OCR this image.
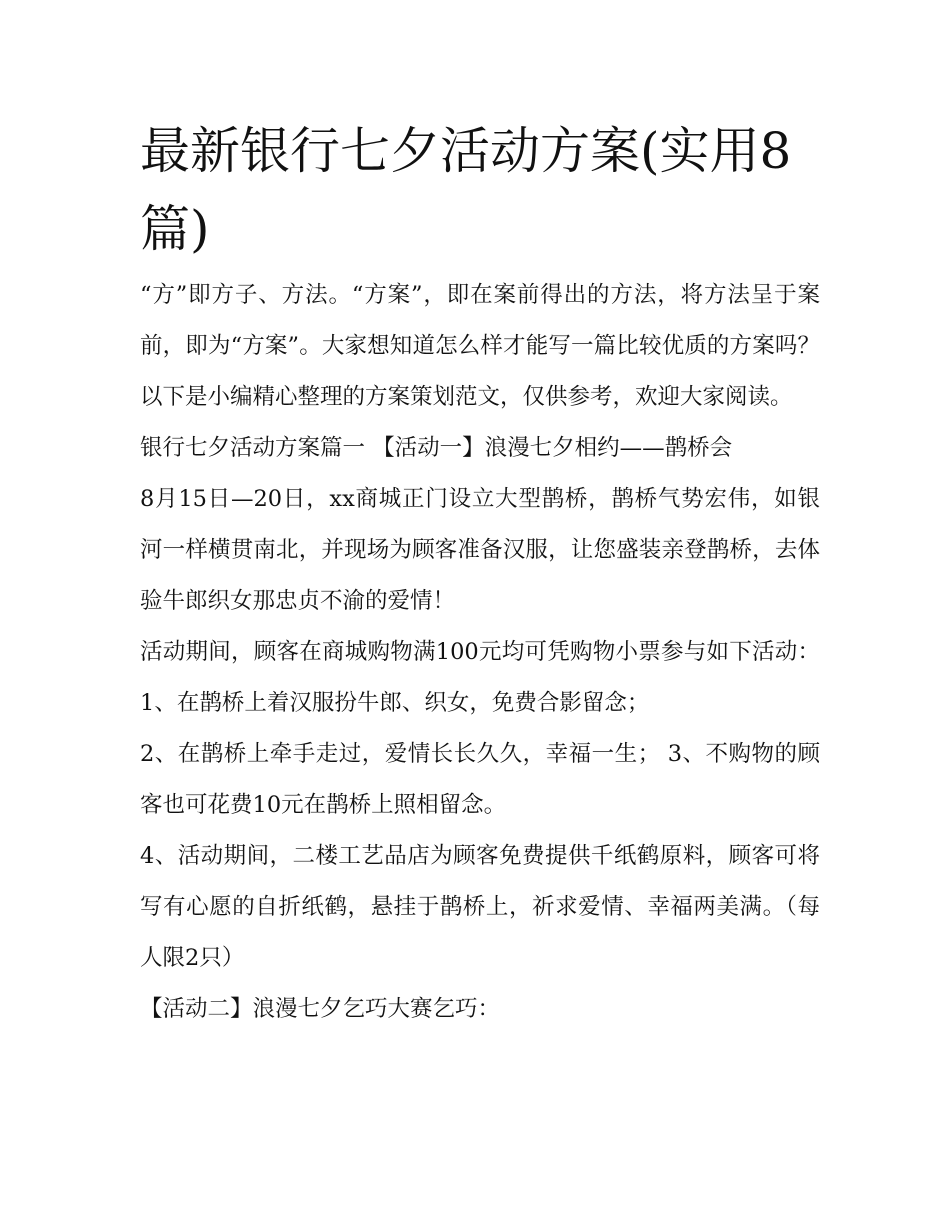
最新银行七夕活动方案(实用8篇)

“方”即方子、方法。“方案”，即在案前得出的方法，将方法呈于案前，即为“方案”。大家想知道怎么样才能写一篇比较优质的方案吗？以下是小编精心整理的方案策划范文，仅供参考，欢迎大家阅读。

银行七夕活动方案篇一 【活动一】浪漫七夕相约——鹊桥会

8月15日—20日，xx商城正门设立大型鹊桥，鹊桥气势宏伟，如银河一样横贯南北，并现场为顾客准备汉服，让您盛装亲登鹊桥，去体验牛郎织女那忠贞不渝的爱情！

活动期间，顾客在商城购物满100元均可凭购物小票参与如下活动： 1、在鹊桥上着汉服扮牛郎、织女，免费合影留念；

2、在鹊桥上牵手走过，爱情长长久久，幸福一生； 3、不购物的顾客也可花费10元在鹊桥上照相留念。

4、活动期间，二楼工艺品店为顾客免费提供千纸鹤原料，顾客可将写有心愿的自折纸鹤，悬挂于鹊桥上，祈求爱情、幸福两美满。（每人限2只）

【活动二】浪漫七夕乞巧大赛乞巧：
